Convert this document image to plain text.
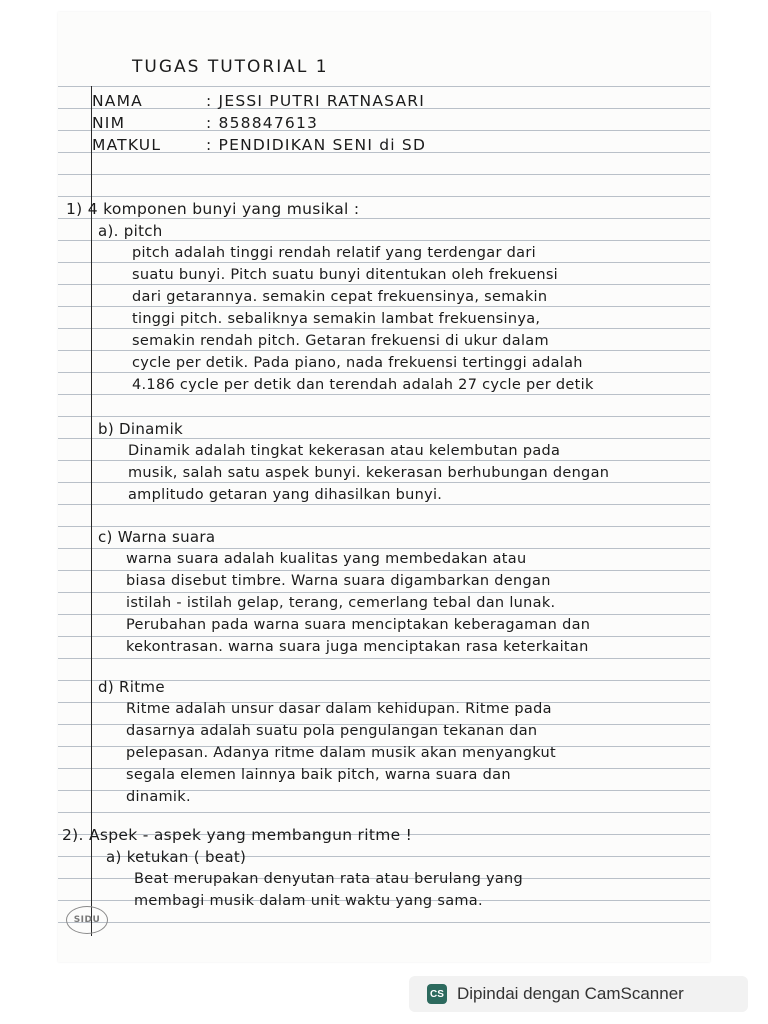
TUGAS TUTORIAL 1
NAMA	: JESSI PUTRI RATNASARI
NIM	: 858847613
MATKUL	: PENDIDIKAN SENI di SD
1) 4 komponen bunyi yang musikal :
a). pitch
pitch adalah tinggi rendah relatif yang terdengar dari
suatu bunyi. Pitch suatu bunyi ditentukan oleh frekuensi
dari getarannya. semakin cepat frekuensinya, semakin
tinggi pitch. sebaliknya semakin lambat frekuensinya,
semakin rendah pitch. Getaran frekuensi di ukur dalam
cycle per detik. Pada piano, nada frekuensi tertinggi adalah
4.186 cycle per detik dan terendah adalah 27 cycle per detik
b) Dinamik
Dinamik adalah tingkat kekerasan atau kelembutan pada
musik, salah satu aspek bunyi. kekerasan berhubungan dengan
amplitudo getaran yang dihasilkan bunyi.
c) Warna suara
warna suara adalah kualitas yang membedakan atau
biasa disebut timbre. Warna suara digambarkan dengan
istilah - istilah gelap, terang, cemerlang tebal dan lunak.
Perubahan pada warna suara menciptakan keberagaman dan
kekontrasan. warna suara juga menciptakan rasa keterkaitan
d) Ritme
Ritme adalah unsur dasar dalam kehidupan. Ritme pada
dasarnya adalah suatu pola pengulangan tekanan dan
pelepasan. Adanya ritme dalam musik akan menyangkut
segala elemen lainnya baik pitch, warna suara dan
dinamik.
2). Aspek - aspek yang membangun ritme !
a) ketukan ( beat)
Beat merupakan denyutan rata atau berulang yang
membagi musik dalam unit waktu yang sama.
SIDU
CS Dipindai dengan CamScanner
